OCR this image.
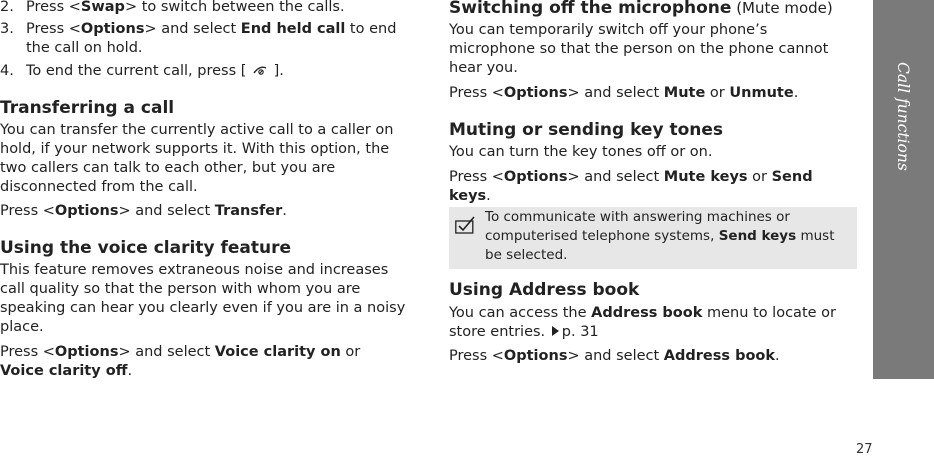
2. Press <Swap> to switch between the calls.

3. Press <Options> and select End held call to end the call on hold.

4. To end the current call, press [ ].

Transferring a call

You can transfer the currently active call to a caller on hold, if your network supports it. With this option, the two callers can talk to each other, but you are disconnected from the call.

Press <Options> and select Transfer.

Using the voice clarity feature

This feature removes extraneous noise and increases call quality so that the person with whom you are speaking can hear you clearly even if you are in a noisy place.

Press <Options> and select Voice clarity on or Voice clarity off.

Switching off the microphone (Mute mode)

You can temporarily switch off your phone’s microphone so that the person on the phone cannot hear you.

Press <Options> and select Mute or Unmute.

Muting or sending key tones

You can turn the key tones off or on.

Press <Options> and select Mute keys or Send keys.

To communicate with answering machines or computerised telephone systems, Send keys must be selected.

Using Address book

You can access the Address book menu to locate or store entries. p. 31

Press <Options> and select Address book.

Call functions
27
